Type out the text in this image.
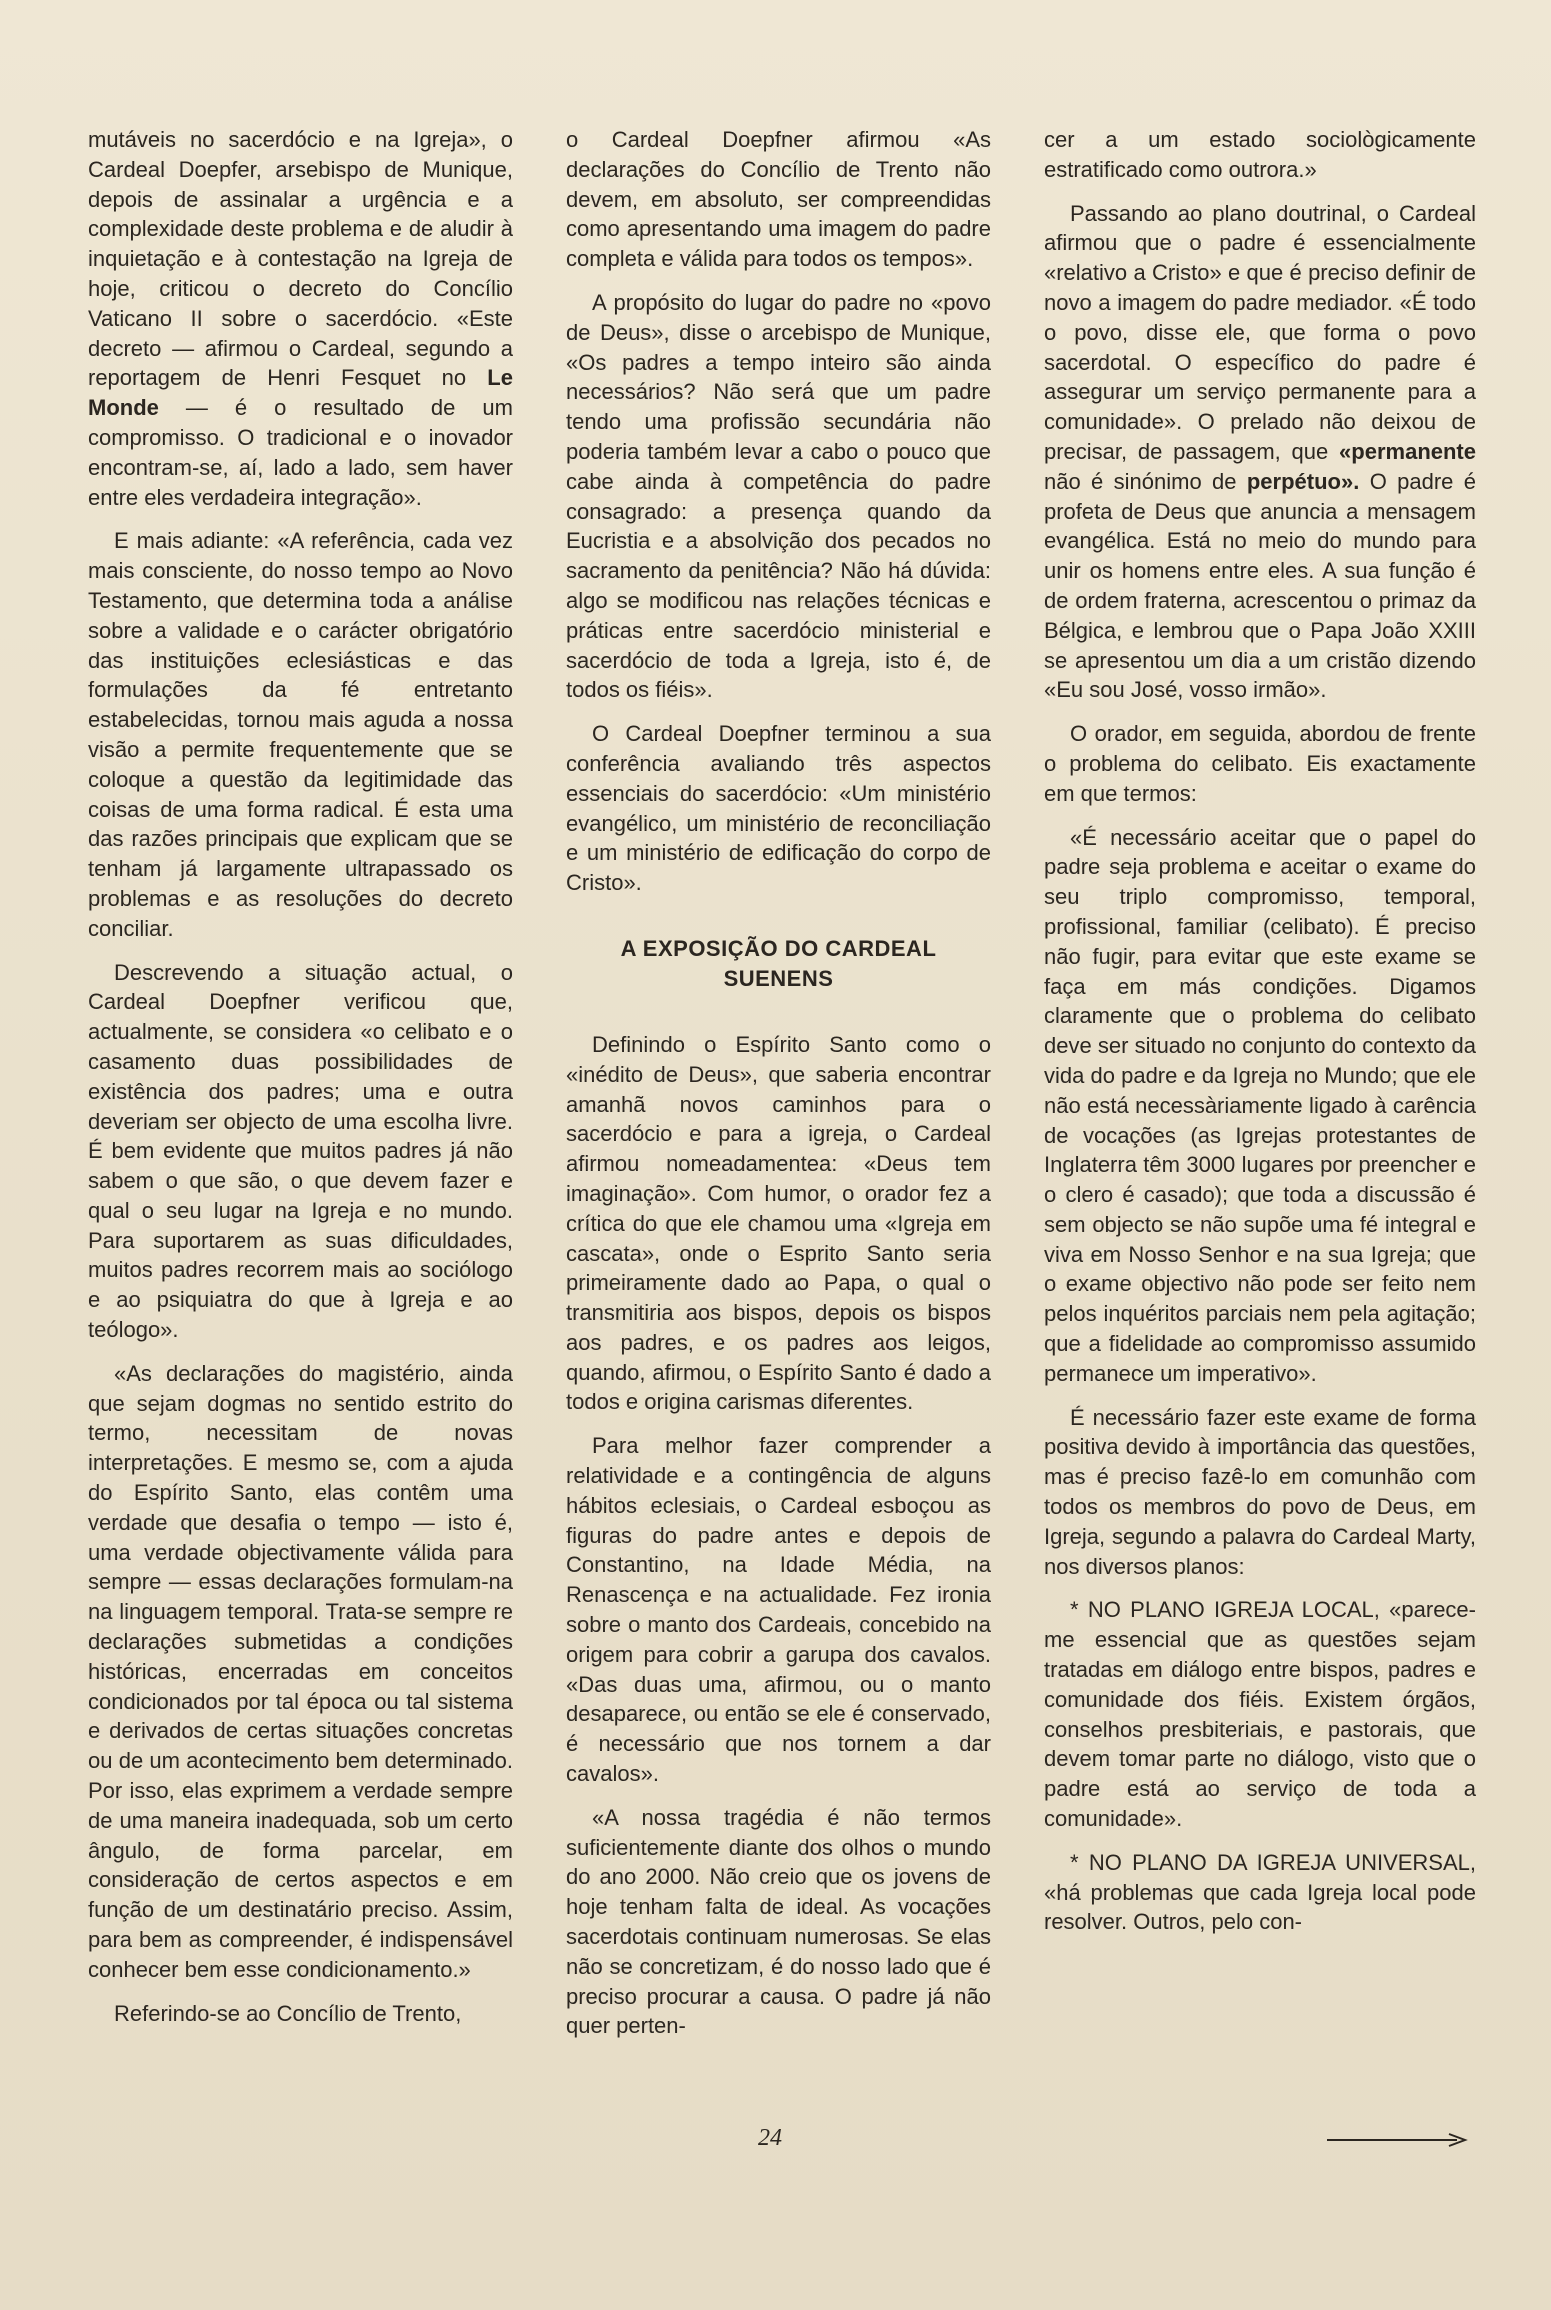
mutáveis no sacerdócio e na Igreja», o Cardeal Doepfer, arsebispo de Munique, depois de assinalar a urgência e a complexidade deste problema e de aludir à inquietação e à contestação na Igreja de hoje, criticou o decreto do Concílio Vaticano II sobre o sacerdócio. «Este decreto — afirmou o Cardeal, segundo a reportagem de Henri Fesquet no Le Monde — é o resultado de um compromisso. O tradicional e o inovador encontram-se, aí, lado a lado, sem haver entre eles verdadeira integração».

E mais adiante: «A referência, cada vez mais consciente, do nosso tempo ao Novo Testamento, que determina toda a análise sobre a validade e o carácter obrigatório das instituições eclesiásticas e das formulações da fé entretanto estabelecidas, tornou mais aguda a nossa visão a permite frequentemente que se coloque a questão da legitimidade das coisas de uma forma radical. É esta uma das razões principais que explicam que se tenham já largamente ultrapassado os problemas e as resoluções do decreto conciliar.

Descrevendo a situação actual, o Cardeal Doepfner verificou que, actualmente, se considera «o celibato e o casamento duas possibilidades de existência dos padres; uma e outra deveriam ser objecto de uma escolha livre. É bem evidente que muitos padres já não sabem o que são, o que devem fazer e qual o seu lugar na Igreja e no mundo. Para suportarem as suas dificuldades, muitos padres recorrem mais ao sociólogo e ao psiquiatra do que à Igreja e ao teólogo».

«As declarações do magistério, ainda que sejam dogmas no sentido estrito do termo, necessitam de novas interpretações. E mesmo se, com a ajuda do Espírito Santo, elas contêm uma verdade que desafia o tempo — isto é, uma verdade objectivamente válida para sempre — essas declarações formulam-na na linguagem temporal. Trata-se sempre re declarações submetidas a condições históricas, encerradas em conceitos condicionados por tal época ou tal sistema e derivados de certas situações concretas ou de um acontecimento bem determinado. Por isso, elas exprimem a verdade sempre de uma maneira inadequada, sob um certo ângulo, de forma parcelar, em consideração de certos aspectos e em função de um destinatário preciso. Assim, para bem as compreender, é indispensável conhecer bem esse condicionamento.»

Referindo-se ao Concílio de Trento,

o Cardeal Doepfner afirmou «As declarações do Concílio de Trento não devem, em absoluto, ser compreendidas como apresentando uma imagem do padre completa e válida para todos os tempos».

A propósito do lugar do padre no «povo de Deus», disse o arcebispo de Munique, «Os padres a tempo inteiro são ainda necessários? Não será que um padre tendo uma profissão secundária não poderia também levar a cabo o pouco que cabe ainda à competência do padre consagrado: a presença quando da Eucristia e a absolvição dos pecados no sacramento da penitência? Não há dúvida: algo se modificou nas relações técnicas e práticas entre sacerdócio ministerial e sacerdócio de toda a Igreja, isto é, de todos os fiéis».

O Cardeal Doepfner terminou a sua conferência avaliando três aspectos essenciais do sacerdócio: «Um ministério evangélico, um ministério de reconciliação e um ministério de edificação do corpo de Cristo».

A EXPOSIÇÃO DO CARDEAL
SUENENS

Definindo o Espírito Santo como o «inédito de Deus», que saberia encontrar amanhã novos caminhos para o sacerdócio e para a igreja, o Cardeal afirmou nomeadamentea: «Deus tem imaginação». Com humor, o orador fez a crítica do que ele chamou uma «Igreja em cascata», onde o Esprito Santo seria primeiramente dado ao Papa, o qual o transmitiria aos bispos, depois os bispos aos padres, e os padres aos leigos, quando, afirmou, o Espírito Santo é dado a todos e origina carismas diferentes.

Para melhor fazer comprender a relatividade e a contingência de alguns hábitos eclesiais, o Cardeal esboçou as figuras do padre antes e depois de Constantino, na Idade Média, na Renascença e na actualidade. Fez ironia sobre o manto dos Cardeais, concebido na origem para cobrir a garupa dos cavalos. «Das duas uma, afirmou, ou o manto desaparece, ou então se ele é conservado, é necessário que nos tornem a dar cavalos».

«A nossa tragédia é não termos suficientemente diante dos olhos o mundo do ano 2000. Não creio que os jovens de hoje tenham falta de ideal. As vocações sacerdotais continuam numerosas. Se elas não se concretizam, é do nosso lado que é preciso procurar a causa. O padre já não quer perten-

cer a um estado sociològicamente estratificado como outrora.»

Passando ao plano doutrinal, o Cardeal afirmou que o padre é essencialmente «relativo a Cristo» e que é preciso definir de novo a imagem do padre mediador. «É todo o povo, disse ele, que forma o povo sacerdotal. O específico do padre é assegurar um serviço permanente para a comunidade». O prelado não deixou de precisar, de passagem, que «permanente não é sinónimo de perpétuo». O padre é profeta de Deus que anuncia a mensagem evangélica. Está no meio do mundo para unir os homens entre eles. A sua função é de ordem fraterna, acrescentou o primaz da Bélgica, e lembrou que o Papa João XXIII se apresentou um dia a um cristão dizendo «Eu sou José, vosso irmão».

O orador, em seguida, abordou de frente o problema do celibato. Eis exactamente em que termos:

«É necessário aceitar que o papel do padre seja problema e aceitar o exame do seu triplo compromisso, temporal, profissional, familiar (celibato). É preciso não fugir, para evitar que este exame se faça em más condições. Digamos claramente que o problema do celibato deve ser situado no conjunto do contexto da vida do padre e da Igreja no Mundo; que ele não está necessàriamente ligado à carência de vocações (as Igrejas protestantes de Inglaterra têm 3000 lugares por preencher e o clero é casado); que toda a discussão é sem objecto se não supõe uma fé integral e viva em Nosso Senhor e na sua Igreja; que o exame objectivo não pode ser feito nem pelos inquéritos parciais nem pela agitação; que a fidelidade ao compromisso assumido permanece um imperativo».

É necessário fazer este exame de forma positiva devido à importância das questões, mas é preciso fazê-lo em comunhão com todos os membros do povo de Deus, em Igreja, segundo a palavra do Cardeal Marty, nos diversos planos:

* NO PLANO IGREJA LOCAL, «parece-me essencial que as questões sejam tratadas em diálogo entre bispos, padres e comunidade dos fiéis. Existem órgãos, conselhos presbiteriais, e pastorais, que devem tomar parte no diálogo, visto que o padre está ao serviço de toda a comunidade».

* NO PLANO DA IGREJA UNIVERSAL, «há problemas que cada Igreja local pode resolver. Outros, pelo con-

24
